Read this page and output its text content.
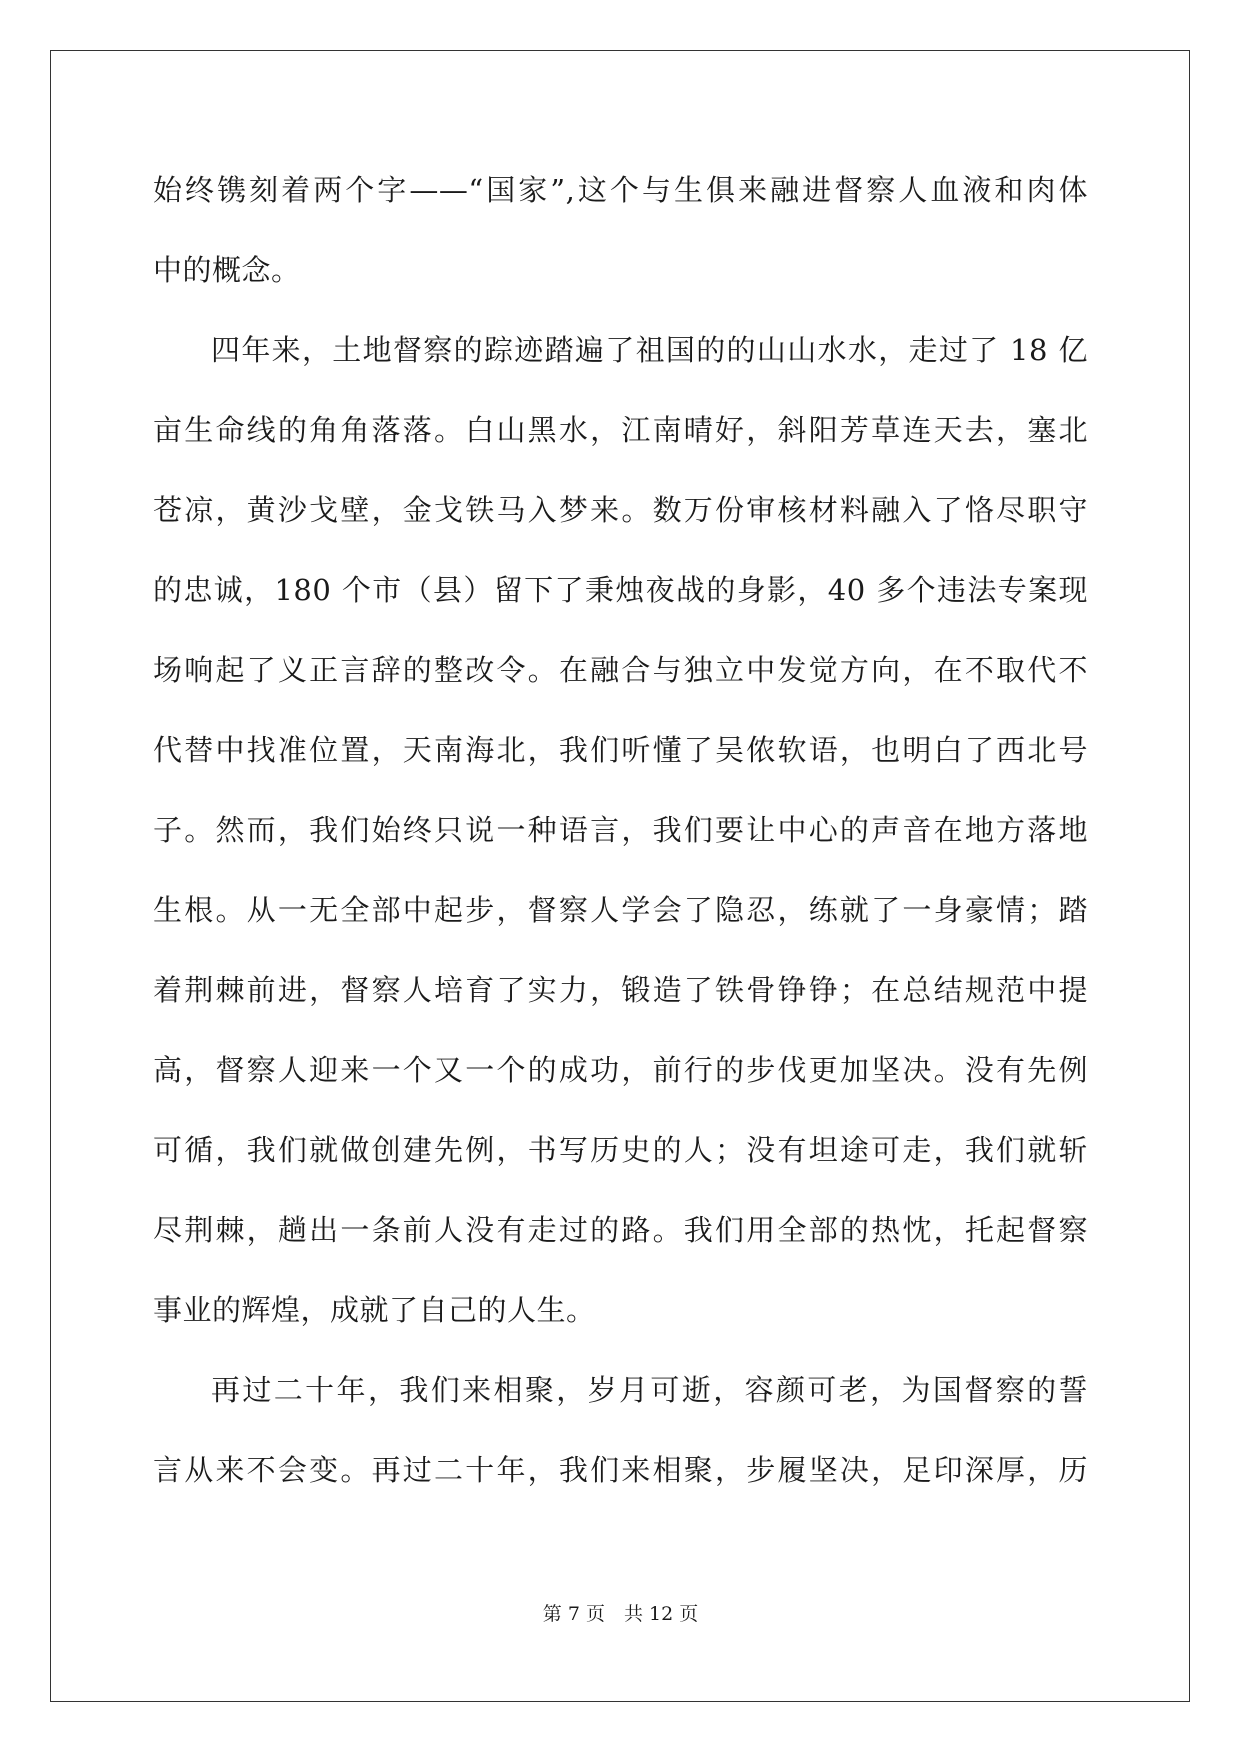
始终镌刻着两个字——“国家”,这个与生俱来融进督察人血液和肉体
中的概念。
四年来，土地督察的踪迹踏遍了祖国的的山山水水，走过了 18 亿
亩生命线的角角落落。白山黑水，江南晴好，斜阳芳草连天去，塞北
苍凉，黄沙戈壁，金戈铁马入梦来。数万份审核材料融入了恪尽职守
的忠诚，180 个市（县）留下了秉烛夜战的身影，40 多个违法专案现
场响起了义正言辞的整改令。在融合与独立中发觉方向，在不取代不
代替中找准位置，天南海北，我们听懂了吴侬软语，也明白了西北号
子。然而，我们始终只说一种语言，我们要让中心的声音在地方落地
生根。从一无全部中起步，督察人学会了隐忍，练就了一身豪情；踏
着荆棘前进，督察人培育了实力，锻造了铁骨铮铮；在总结规范中提
高，督察人迎来一个又一个的成功，前行的步伐更加坚决。没有先例
可循，我们就做创建先例，书写历史的人；没有坦途可走，我们就斩
尽荆棘，趟出一条前人没有走过的路。我们用全部的热忱，托起督察
事业的辉煌，成就了自己的人生。
再过二十年，我们来相聚，岁月可逝，容颜可老，为国督察的誓
言从来不会变。再过二十年，我们来相聚，步履坚决，足印深厚，历
第 7 页　共 12 页
